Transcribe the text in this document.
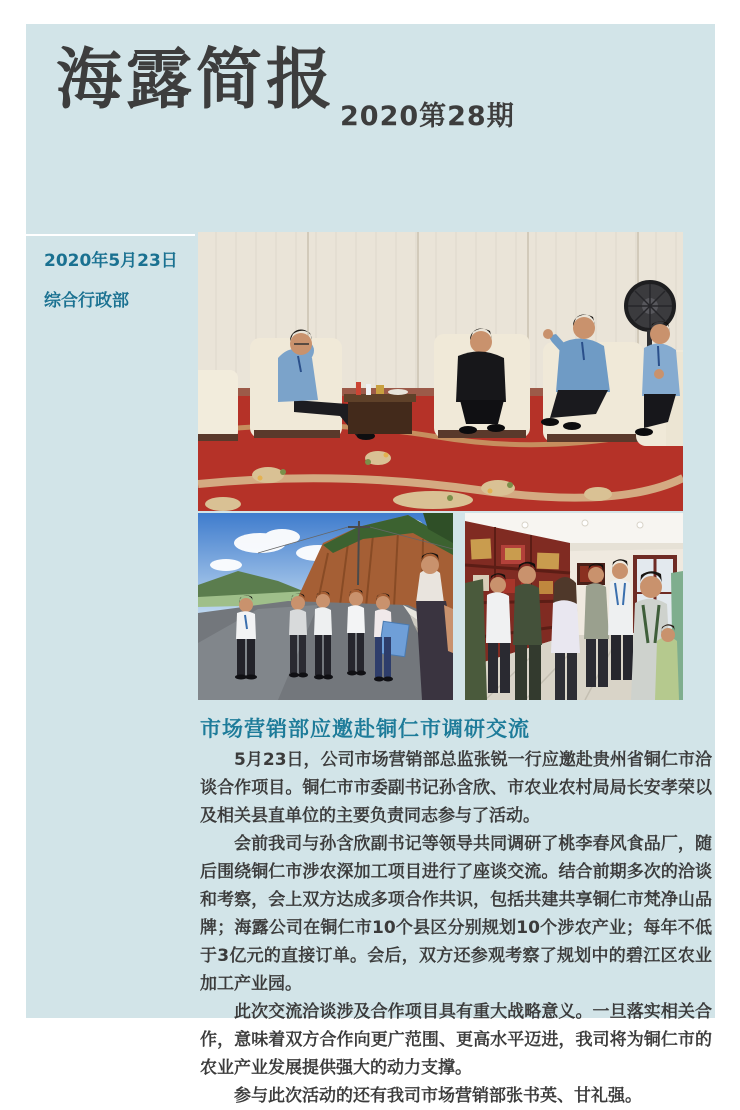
海露简报 2020第28期
2020年5月23日
综合行政部
市场营销部应邀赴铜仁市调研交流

5月23日，公司市场营销部总监张锐一行应邀赴贵州省铜仁市洽谈合作项目。铜仁市市委副书记孙含欣、市农业农村局局长安孝荣以及相关县直单位的主要负责同志参与了活动。

会前我司与孙含欣副书记等领导共同调研了桃李春风食品厂，随后围绕铜仁市涉农深加工项目进行了座谈交流。结合前期多次的洽谈和考察，会上双方达成多项合作共识，包括共建共享铜仁市梵净山品牌；海露公司在铜仁市10个县区分别规划10个涉农产业；每年不低于3亿元的直接订单。会后，双方还参观考察了规划中的碧江区农业加工产业园。

此次交流洽谈涉及合作项目具有重大战略意义。一旦落实相关合作，意味着双方合作向更广范围、更高水平迈进，我司将为铜仁市的农业产业发展提供强大的动力支撑。

参与此次活动的还有我司市场营销部张书英、甘礼强。
